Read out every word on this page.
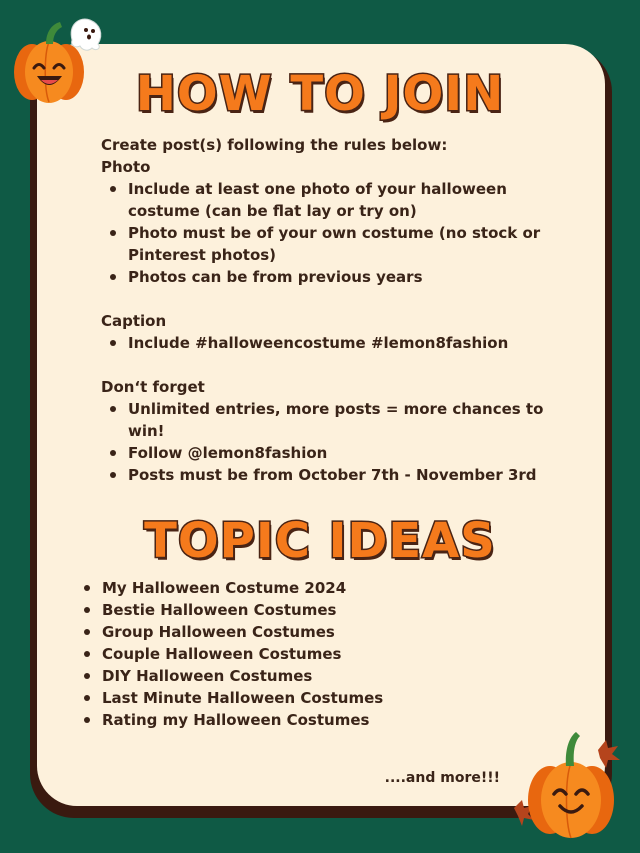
HOW TO JOIN

Create post(s) following the rules below:

Photo

Include at least one photo of your halloween costume (can be flat lay or try on)
Photo must be of your own costume (no stock or Pinterest photos)
Photos can be from previous years

Caption

Include #halloweencostume #lemon8fashion

Don‘t forget

Unlimited entries, more posts = more chances to win!
Follow @lemon8fashion
Posts must be from October 7th - November 3rd
TOPIC IDEAS
My Halloween Costume 2024
Bestie Halloween Costumes
Group Halloween Costumes
Couple Halloween Costumes
DIY Halloween Costumes
Last Minute Halloween Costumes
Rating my Halloween Costumes
....and more!!!
